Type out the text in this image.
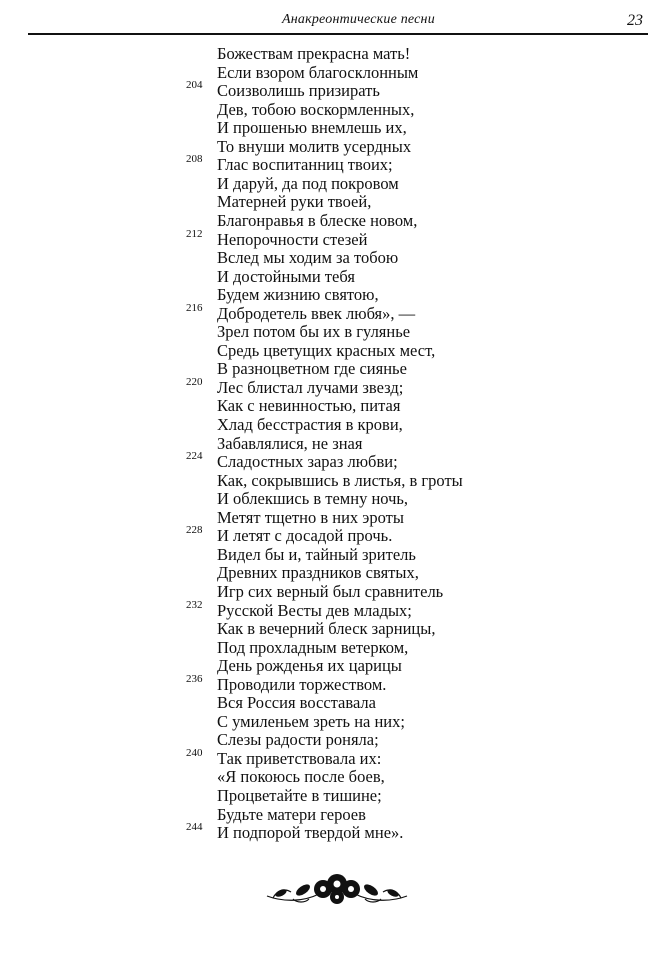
Анакреонтические песни	23
Божествам прекрасна мать!
Если взором благосклонным
Соизволишь призирать
Дев, тобою воскормленных,
И прошенью внемлешь их,
То внуши молитв усердных
Глас воспитанниц твоих;
И даруй, да под покровом
Матерней руки твоей,
Благонравья в блеске новом,
Непорочности стезей
Вслед мы ходим за тобою
И достойными тебя
Будем жизнию святою,
Добродетель ввек любя», —
Зрел потом бы их в гулянье
Средь цветущих красных мест,
В разноцветном где сиянье
Лес блистал лучами звезд;
Как с невинностью, питая
Хлад бесстрастия в крови,
Забавлялися, не зная
Сладостных зараз любви;
Как, сокрывшись в листья, в гроты
И облекшись в темну ночь,
Метят тщетно в них эроты
И летят с досадой прочь.
Видел бы и, тайный зритель
Древних праздников святых,
Игр сих верный был сравнитель
Русской Весты дев младых;
Как в вечерний блеск зарницы,
Под прохладным ветерком,
День рожденья их царицы
Проводили торжеством.
Вся Россия восставала
С умиленьем зреть на них;
Слезы радости роняла;
Так приветствовала их:
«Я покоюсь после боев,
Процветайте в тишине;
Будьте матери героев
И подпорой твердой мне».
204
208
212
216
220
224
228
232
236
240
244
